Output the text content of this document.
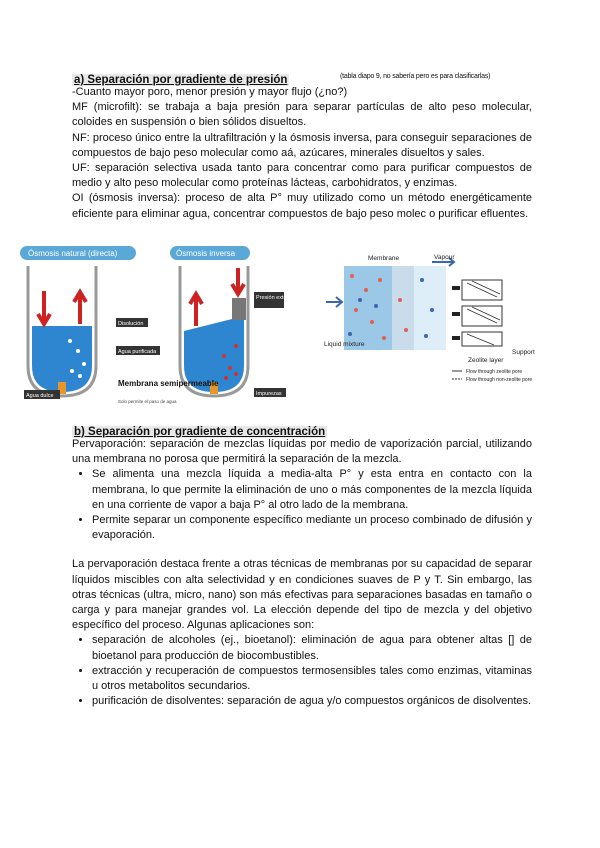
a) Separación por gradiente de presión	(tabla diapo 9, no sabería pero es para clasificarlas)
-Cuanto mayor poro, menor presión y mayor flujo (¿no?)
MF (microfilt): se trabaja a baja presión para separar partículas de alto peso molecular, coloides en suspensión o bien sólidos disueltos.
NF: proceso único entre la ultrafiltración y la ósmosis inversa, para conseguir separaciones de compuestos de bajo peso molecular como aá, azúcares, minerales disueltos y sales.
UF: separación selectiva usada tanto para concentrar como para purificar compuestos de medio y alto peso molecular como proteínas lácteas, carbohidratos, y enzimas.
OI (ósmosis inversa): proceso de alta P° muy utilizado como un método energéticamente eficiente para eliminar agua, concentrar compuestos de bajo peso molec o purificar efluentes.
Ósmosis natural (directa)	Ósmosis inversa
Agua dulce
Disolución
Agua purificada
Presión externa
Impurezas
Membrana semipermeable
Solo permite el paso de agua
Membrane	Vapour
Liquid mixture
Support
Zeolite layer
Flow through zeolite pore
Flow through non-zeolite pore
b) Separación por gradiente de concentración
Pervaporación: separación de mezclas líquidas por medio de vaporización parcial, utilizando una membrana no porosa que permitirá la separación de la mezcla.
• Se alimenta una mezcla líquida a media-alta P° y esta entra en contacto con la membrana, lo que permite la eliminación de uno o más componentes de la mezcla líquida en una corriente de vapor a baja P° al otro lado de la membrana.
• Permite separar un componente específico mediante un proceso combinado de difusión y evaporación.
La pervaporación destaca frente a otras técnicas de membranas por su capacidad de separar líquidos miscibles con alta selectividad y en condiciones suaves de P y T. Sin embargo, las otras técnicas (ultra, micro, nano) son más efectivas para separaciones basadas en tamaño o carga y para manejar grandes vol. La elección depende del tipo de mezcla y del objetivo específico del proceso. Algunas aplicaciones son:
• separación de alcoholes (ej., bioetanol): eliminación de agua para obtener altas [] de bioetanol para producción de biocombustibles.
• extracción y recuperación de compuestos termosensibles tales como enzimas, vitaminas u otros metabolitos secundarios.
• purificación de disolventes: separación de agua y/o compuestos orgánicos de disolventes.
